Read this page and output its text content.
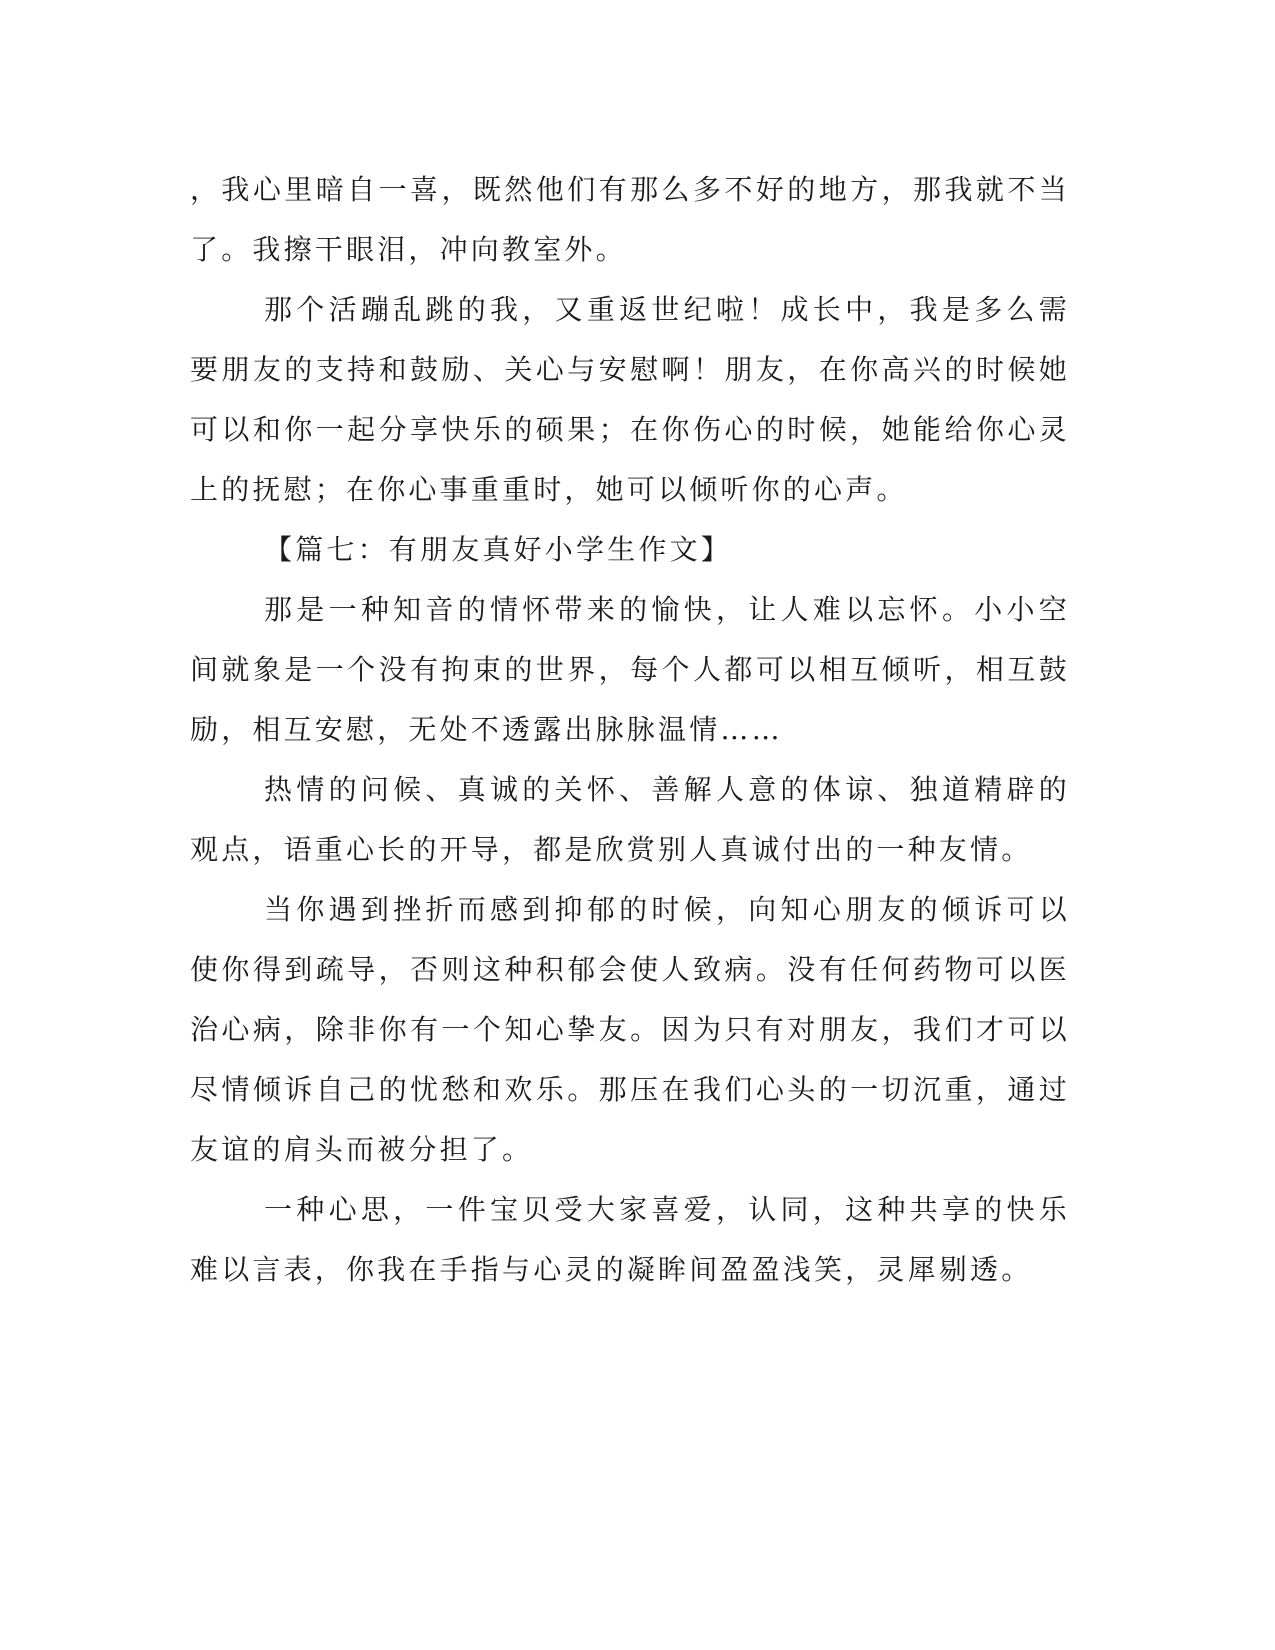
，我心里暗自一喜，既然他们有那么多不好的地方，那我就不当了。我擦干眼泪，冲向教室外。

那个活蹦乱跳的我，又重返世纪啦！成长中，我是多么需要朋友的支持和鼓励、关心与安慰啊！朋友，在你高兴的时候她可以和你一起分享快乐的硕果；在你伤心的时候，她能给你心灵上的抚慰；在你心事重重时，她可以倾听你的心声。

【篇七：有朋友真好小学生作文】

那是一种知音的情怀带来的愉快，让人难以忘怀。小小空间就象是一个没有拘束的世界，每个人都可以相互倾听，相互鼓励，相互安慰，无处不透露出脉脉温情……

热情的问候、真诚的关怀、善解人意的体谅、独道精辟的观点，语重心长的开导，都是欣赏别人真诚付出的一种友情。

当你遇到挫折而感到抑郁的时候，向知心朋友的倾诉可以使你得到疏导，否则这种积郁会使人致病。没有任何药物可以医治心病，除非你有一个知心挚友。因为只有对朋友，我们才可以尽情倾诉自己的忧愁和欢乐。那压在我们心头的一切沉重，通过友谊的肩头而被分担了。

一种心思，一件宝贝受大家喜爱，认同，这种共享的快乐难以言表，你我在手指与心灵的凝眸间盈盈浅笑，灵犀剔透。
